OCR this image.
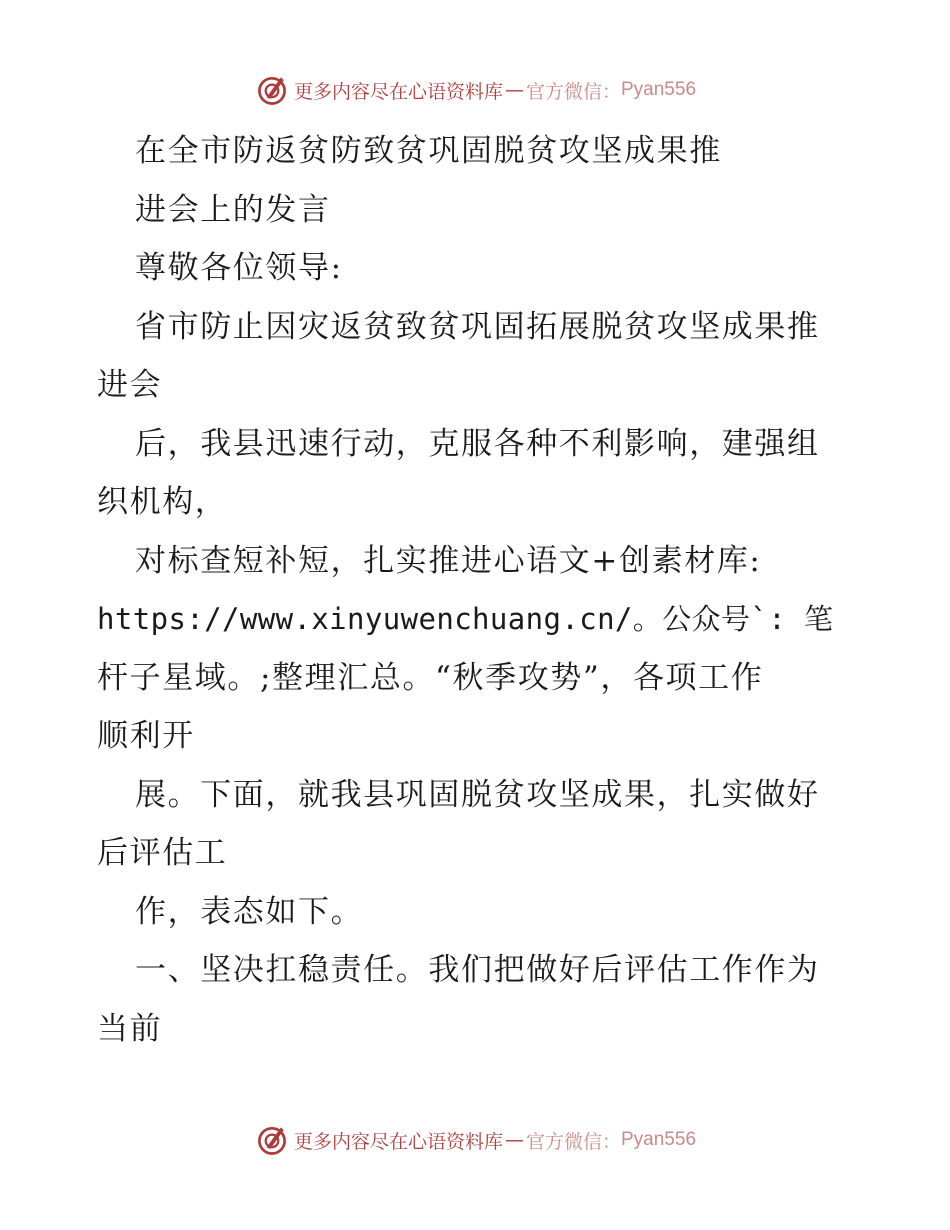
更多内容尽在心语资料库 — 官方微信： Pyan556
在全市防返贫防致贫巩固脱贫攻坚成果推
进会上的发言
尊敬各位领导:
省市防止因灾返贫致贫巩固拓展脱贫攻坚成果推
进会
后，我县迅速行动，克服各种不利影响，建强组
织机构，
对标查短补短，扎实推进心语文+创素材库:
https://www.xinyuwenchuang.cn/。公众号`: 笔
杆子星域。;整理汇总。“秋季攻势”，各项工作
顺利开
展。下面，就我县巩固脱贫攻坚成果，扎实做好
后评估工
作，表态如下。
一、坚决扛稳责任。我们把做好后评估工作作为
当前
更多内容尽在心语资料库 — 官方微信： Pyan556
